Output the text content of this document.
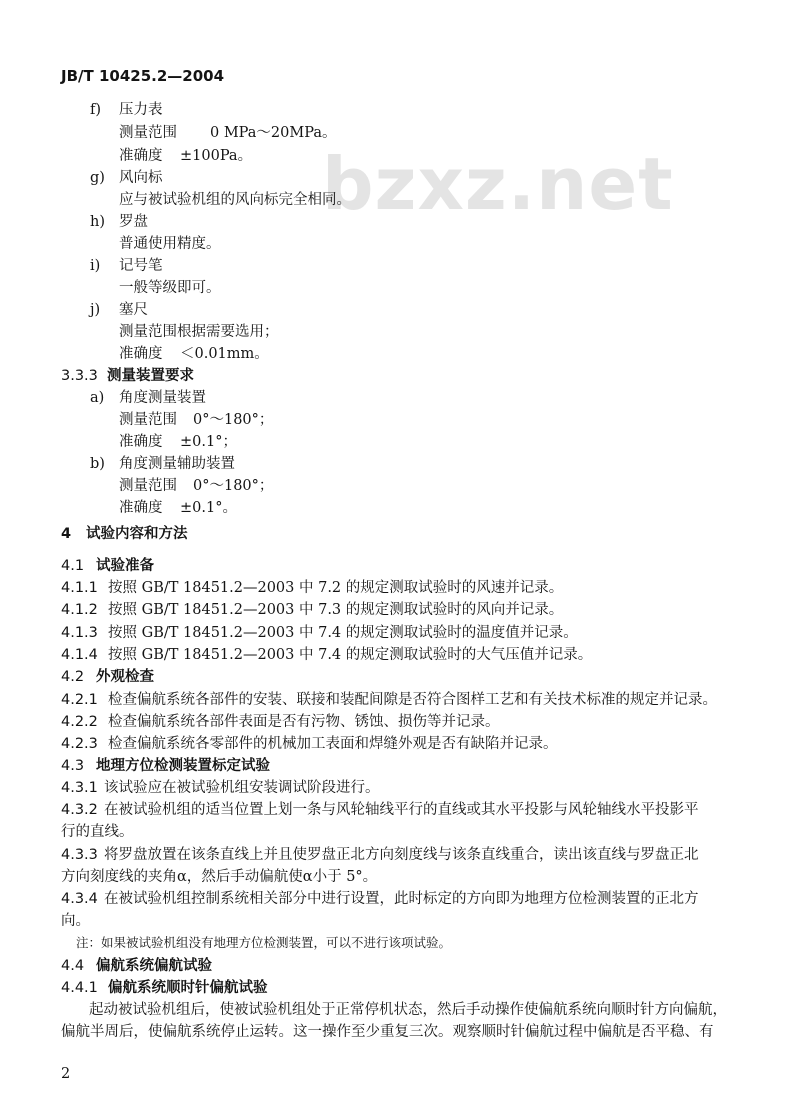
bzxz.net
JB/T 10425.2—2004
f) 压力表
测量范围 0 MPa～20MPa。
准确度 ±100Pa。
g) 风向标
应与被试验机组的风向标完全相同。
h) 罗盘
普通使用精度。
i) 记号笔
一般等级即可。
j) 塞尺
测量范围根据需要选用；
准确度 ＜0.01mm。
3.3.3 测量装置要求
a) 角度测量装置
测量范围 0°～180°；
准确度 ±0.1°；
b) 角度测量辅助装置
测量范围 0°～180°；
准确度 ±0.1°。
4 试验内容和方法
4.1 试验准备
4.1.1 按照 GB/T 18451.2—2003 中 7.2 的规定测取试验时的风速并记录。
4.1.2 按照 GB/T 18451.2—2003 中 7.3 的规定测取试验时的风向并记录。
4.1.3 按照 GB/T 18451.2—2003 中 7.4 的规定测取试验时的温度值并记录。
4.1.4 按照 GB/T 18451.2—2003 中 7.4 的规定测取试验时的大气压值并记录。
4.2 外观检查
4.2.1 检查偏航系统各部件的安装、联接和装配间隙是否符合图样工艺和有关技术标准的规定并记录。
4.2.2 检查偏航系统各部件表面是否有污物、锈蚀、损伤等并记录。
4.2.3 检查偏航系统各零部件的机械加工表面和焊缝外观是否有缺陷并记录。
4.3 地理方位检测装置标定试验
4.3.1 该试验应在被试验机组安装调试阶段进行。
4.3.2 在被试验机组的适当位置上划一条与风轮轴线平行的直线或其水平投影与风轮轴线水平投影平
行的直线。
4.3.3 将罗盘放置在该条直线上并且使罗盘正北方向刻度线与该条直线重合，读出该直线与罗盘正北
方向刻度线的夹角α，然后手动偏航使α小于 5°。
4.3.4 在被试验机组控制系统相关部分中进行设置，此时标定的方向即为地理方位检测装置的正北方
向。
注：如果被试验机组没有地理方位检测装置，可以不进行该项试验。
4.4 偏航系统偏航试验
4.4.1 偏航系统顺时针偏航试验
起动被试验机组后，使被试验机组处于正常停机状态，然后手动操作使偏航系统向顺时针方向偏航，
偏航半周后，使偏航系统停止运转。这一操作至少重复三次。观察顺时针偏航过程中偏航是否平稳、有
2
